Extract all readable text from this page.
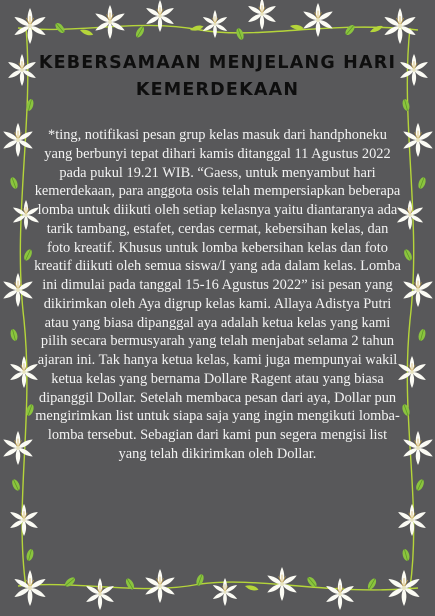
KEBERSAMAAN MENJELANG HARI KEMERDEKAAN

*ting, notifikasi pesan grup kelas masuk dari handphoneku yang berbunyi tepat dihari kamis ditanggal 11 Agustus 2022 pada pukul 19.21 WIB. “Gaess, untuk menyambut hari kemerdekaan, para anggota osis telah mempersiapkan beberapa lomba untuk diikuti oleh setiap kelasnya yaitu diantaranya ada tarik tambang, estafet, cerdas cermat, kebersihan kelas, dan foto kreatif. Khusus untuk lomba kebersihan kelas dan foto kreatif diikuti oleh semua siswa/I yang ada dalam kelas. Lomba ini dimulai pada tanggal 15-16 Agustus 2022” isi pesan yang dikirimkan oleh Aya digrup kelas kami. Allaya Adistya Putri atau yang biasa dipanggal aya adalah ketua kelas yang kami pilih secara bermusyarah yang telah menjabat selama 2 tahun ajaran ini. Tak hanya ketua kelas, kami juga mempunyai wakil ketua kelas yang bernama Dollare Ragent atau yang biasa dipanggil Dollar. Setelah membaca pesan dari aya, Dollar pun mengirimkan list untuk siapa saja yang ingin mengikuti lomba-lomba tersebut. Sebagian dari kami pun segera mengisi list yang telah dikirimkan oleh Dollar.
